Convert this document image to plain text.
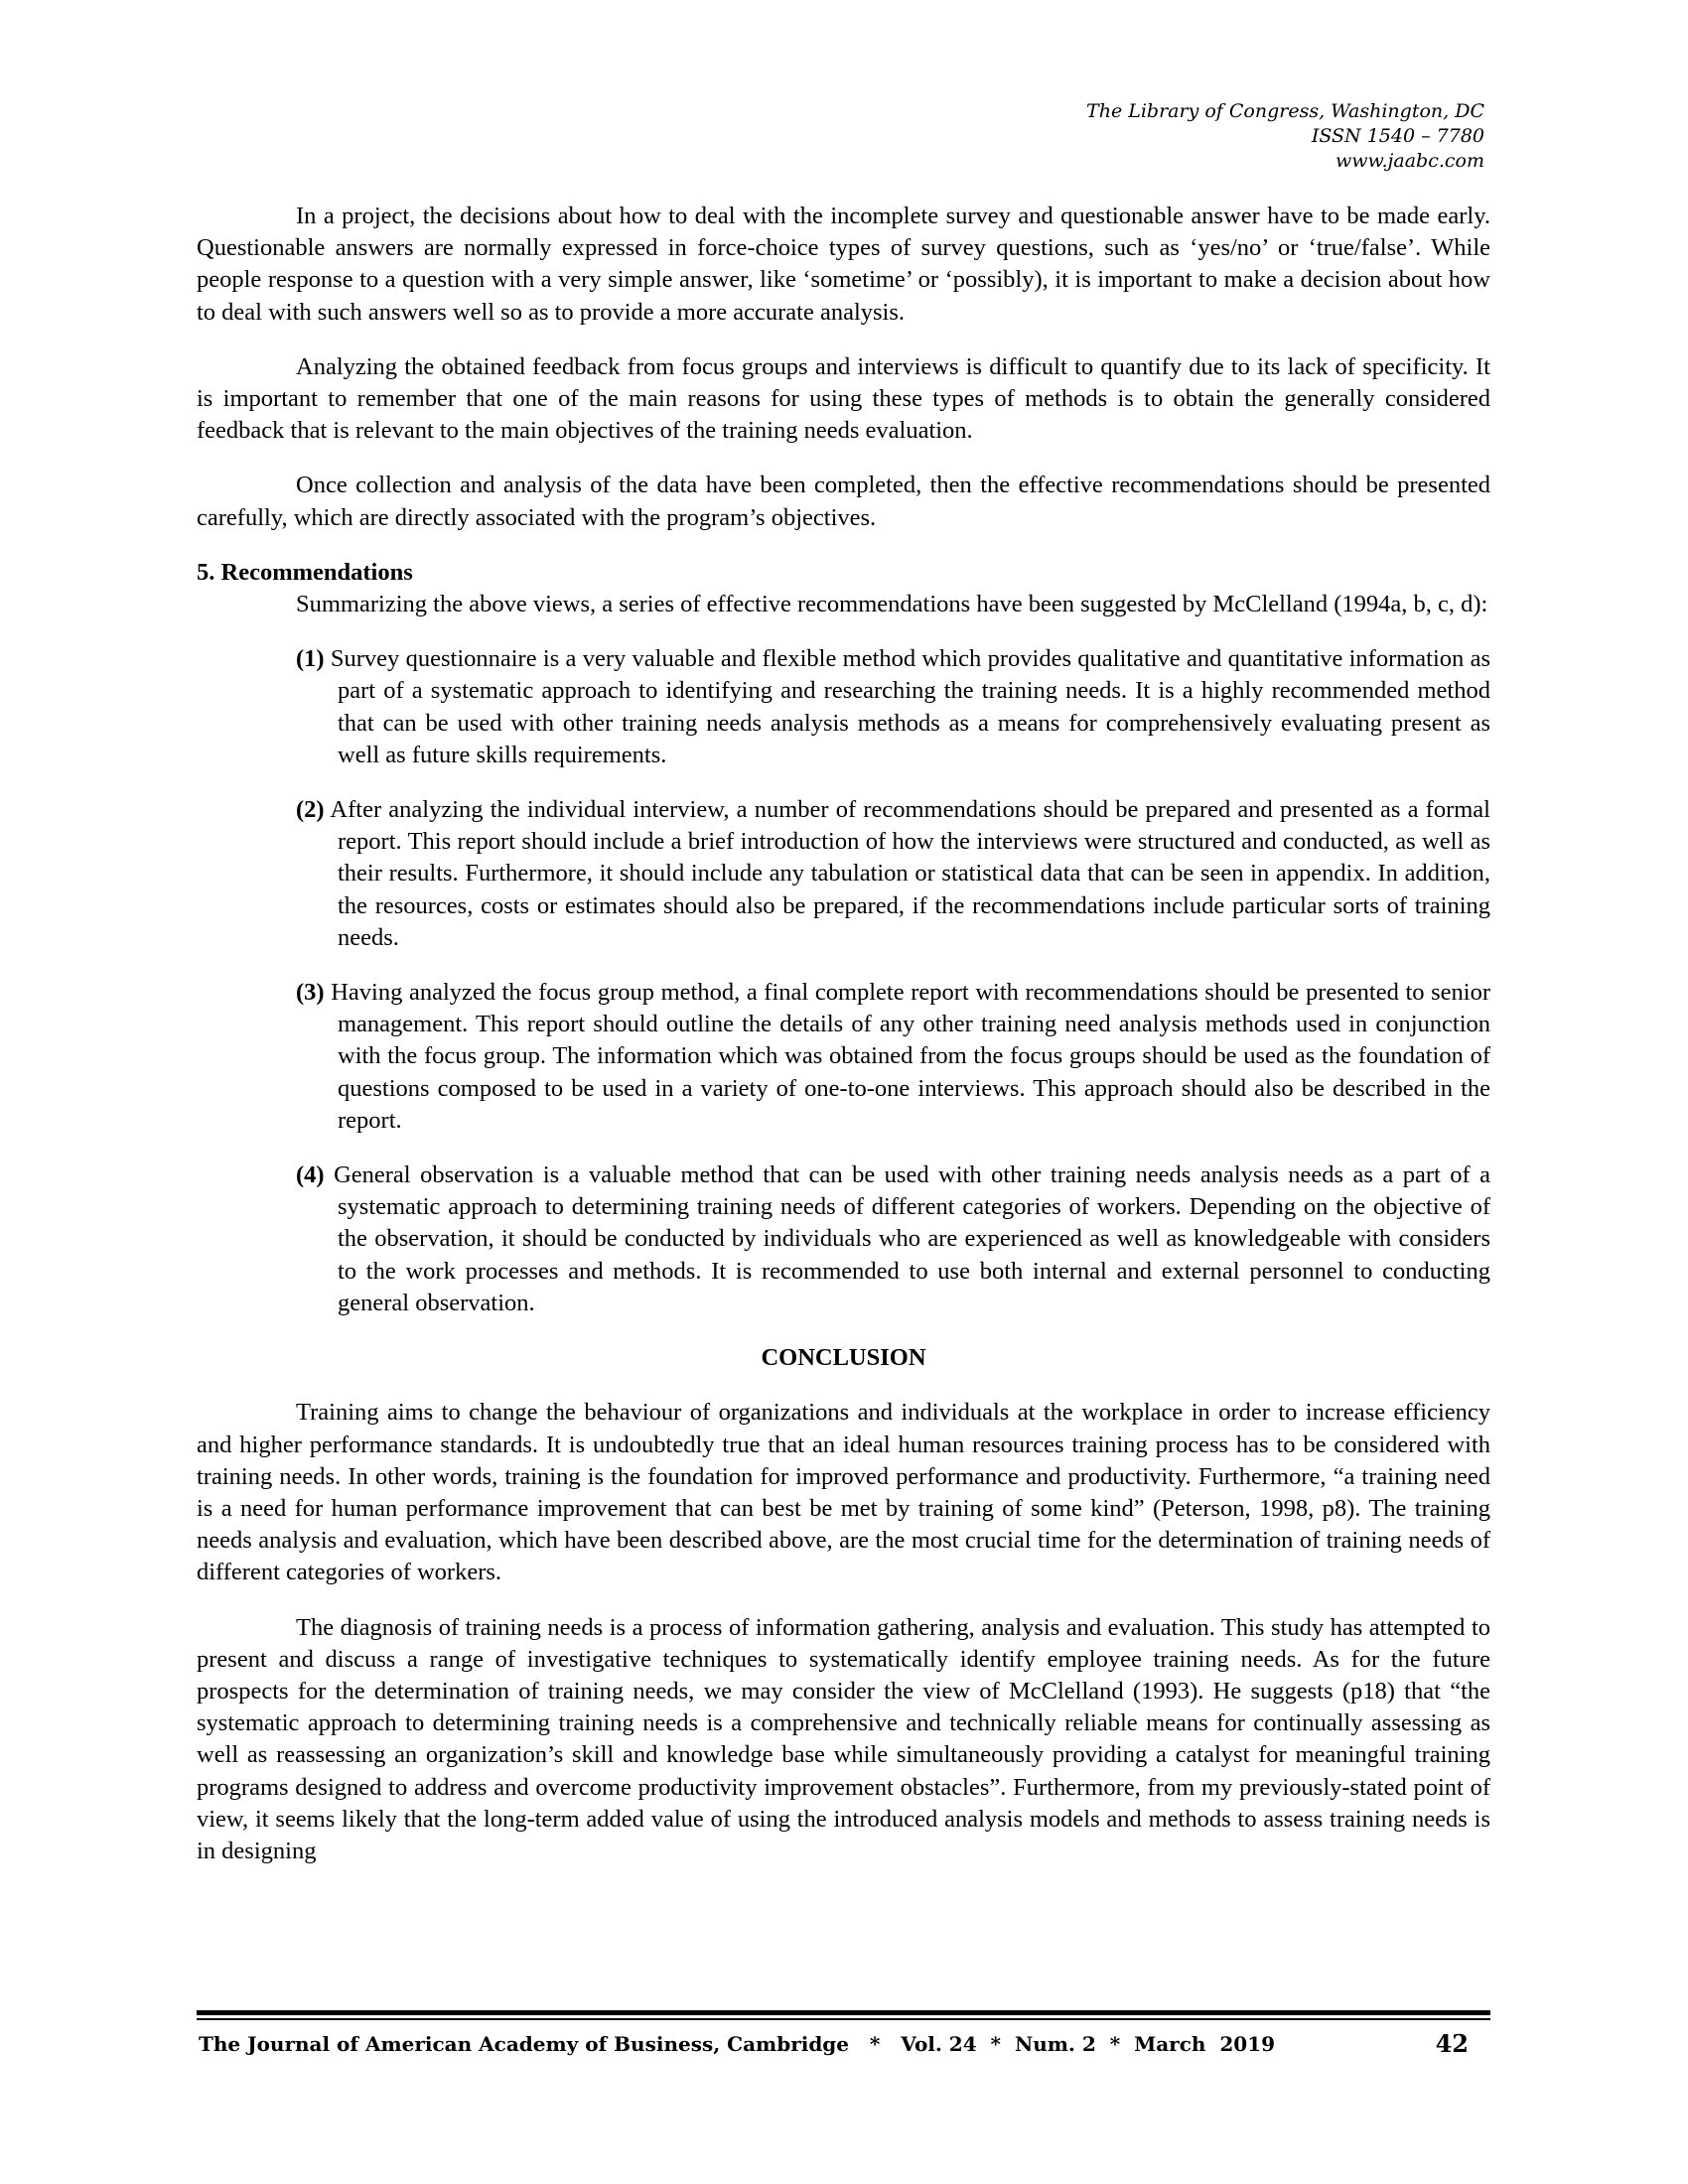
The Library of Congress, Washington, DC
ISSN 1540 – 7780
www.jaabc.com

In a project, the decisions about how to deal with the incomplete survey and questionable answer have to be made early. Questionable answers are normally expressed in force-choice types of survey questions, such as ‘yes/no’ or ‘true/false’. While people response to a question with a very simple answer, like ‘sometime’ or ‘possibly), it is important to make a decision about how to deal with such answers well so as to provide a more accurate analysis.

Analyzing the obtained feedback from focus groups and interviews is difficult to quantify due to its lack of specificity. It is important to remember that one of the main reasons for using these types of methods is to obtain the generally considered feedback that is relevant to the main objectives of the training needs evaluation.

Once collection and analysis of the data have been completed, then the effective recommendations should be presented carefully, which are directly associated with the program’s objectives.

5. Recommendations

Summarizing the above views, a series of effective recommendations have been suggested by McClelland (1994a, b, c, d):

(1) Survey questionnaire is a very valuable and flexible method which provides qualitative and quantitative information as part of a systematic approach to identifying and researching the training needs. It is a highly recommended method that can be used with other training needs analysis methods as a means for comprehensively evaluating present as well as future skills requirements.
(2) After analyzing the individual interview, a number of recommendations should be prepared and presented as a formal report. This report should include a brief introduction of how the interviews were structured and conducted, as well as their results. Furthermore, it should include any tabulation or statistical data that can be seen in appendix. In addition, the resources, costs or estimates should also be prepared, if the recommendations include particular sorts of training needs.
(3) Having analyzed the focus group method, a final complete report with recommendations should be presented to senior management. This report should outline the details of any other training need analysis methods used in conjunction with the focus group. The information which was obtained from the focus groups should be used as the foundation of questions composed to be used in a variety of one-to-one interviews. This approach should also be described in the report.
(4) General observation is a valuable method that can be used with other training needs analysis needs as a part of a systematic approach to determining training needs of different categories of workers. Depending on the objective of the observation, it should be conducted by individuals who are experienced as well as knowledgeable with considers to the work processes and methods. It is recommended to use both internal and external personnel to conducting general observation.
CONCLUSION

Training aims to change the behaviour of organizations and individuals at the workplace in order to increase efficiency and higher performance standards. It is undoubtedly true that an ideal human resources training process has to be considered with training needs. In other words, training is the foundation for improved performance and productivity. Furthermore, “a training need is a need for human performance improvement that can best be met by training of some kind” (Peterson, 1998, p8). The training needs analysis and evaluation, which have been described above, are the most crucial time for the determination of training needs of different categories of workers.

The diagnosis of training needs is a process of information gathering, analysis and evaluation. This study has attempted to present and discuss a range of investigative techniques to systematically identify employee training needs. As for the future prospects for the determination of training needs, we may consider the view of McClelland (1993). He suggests (p18) that “the systematic approach to determining training needs is a comprehensive and technically reliable means for continually assessing as well as reassessing an organization’s skill and knowledge base while simultaneously providing a catalyst for meaningful training programs designed to address and overcome productivity improvement obstacles”. Furthermore, from my previously-stated point of view, it seems likely that the long-term added value of using the introduced analysis models and methods to assess training needs is in designing

The Journal of American Academy of Business, Cambridge   *   Vol. 24  *  Num. 2  *  March  2019	42
